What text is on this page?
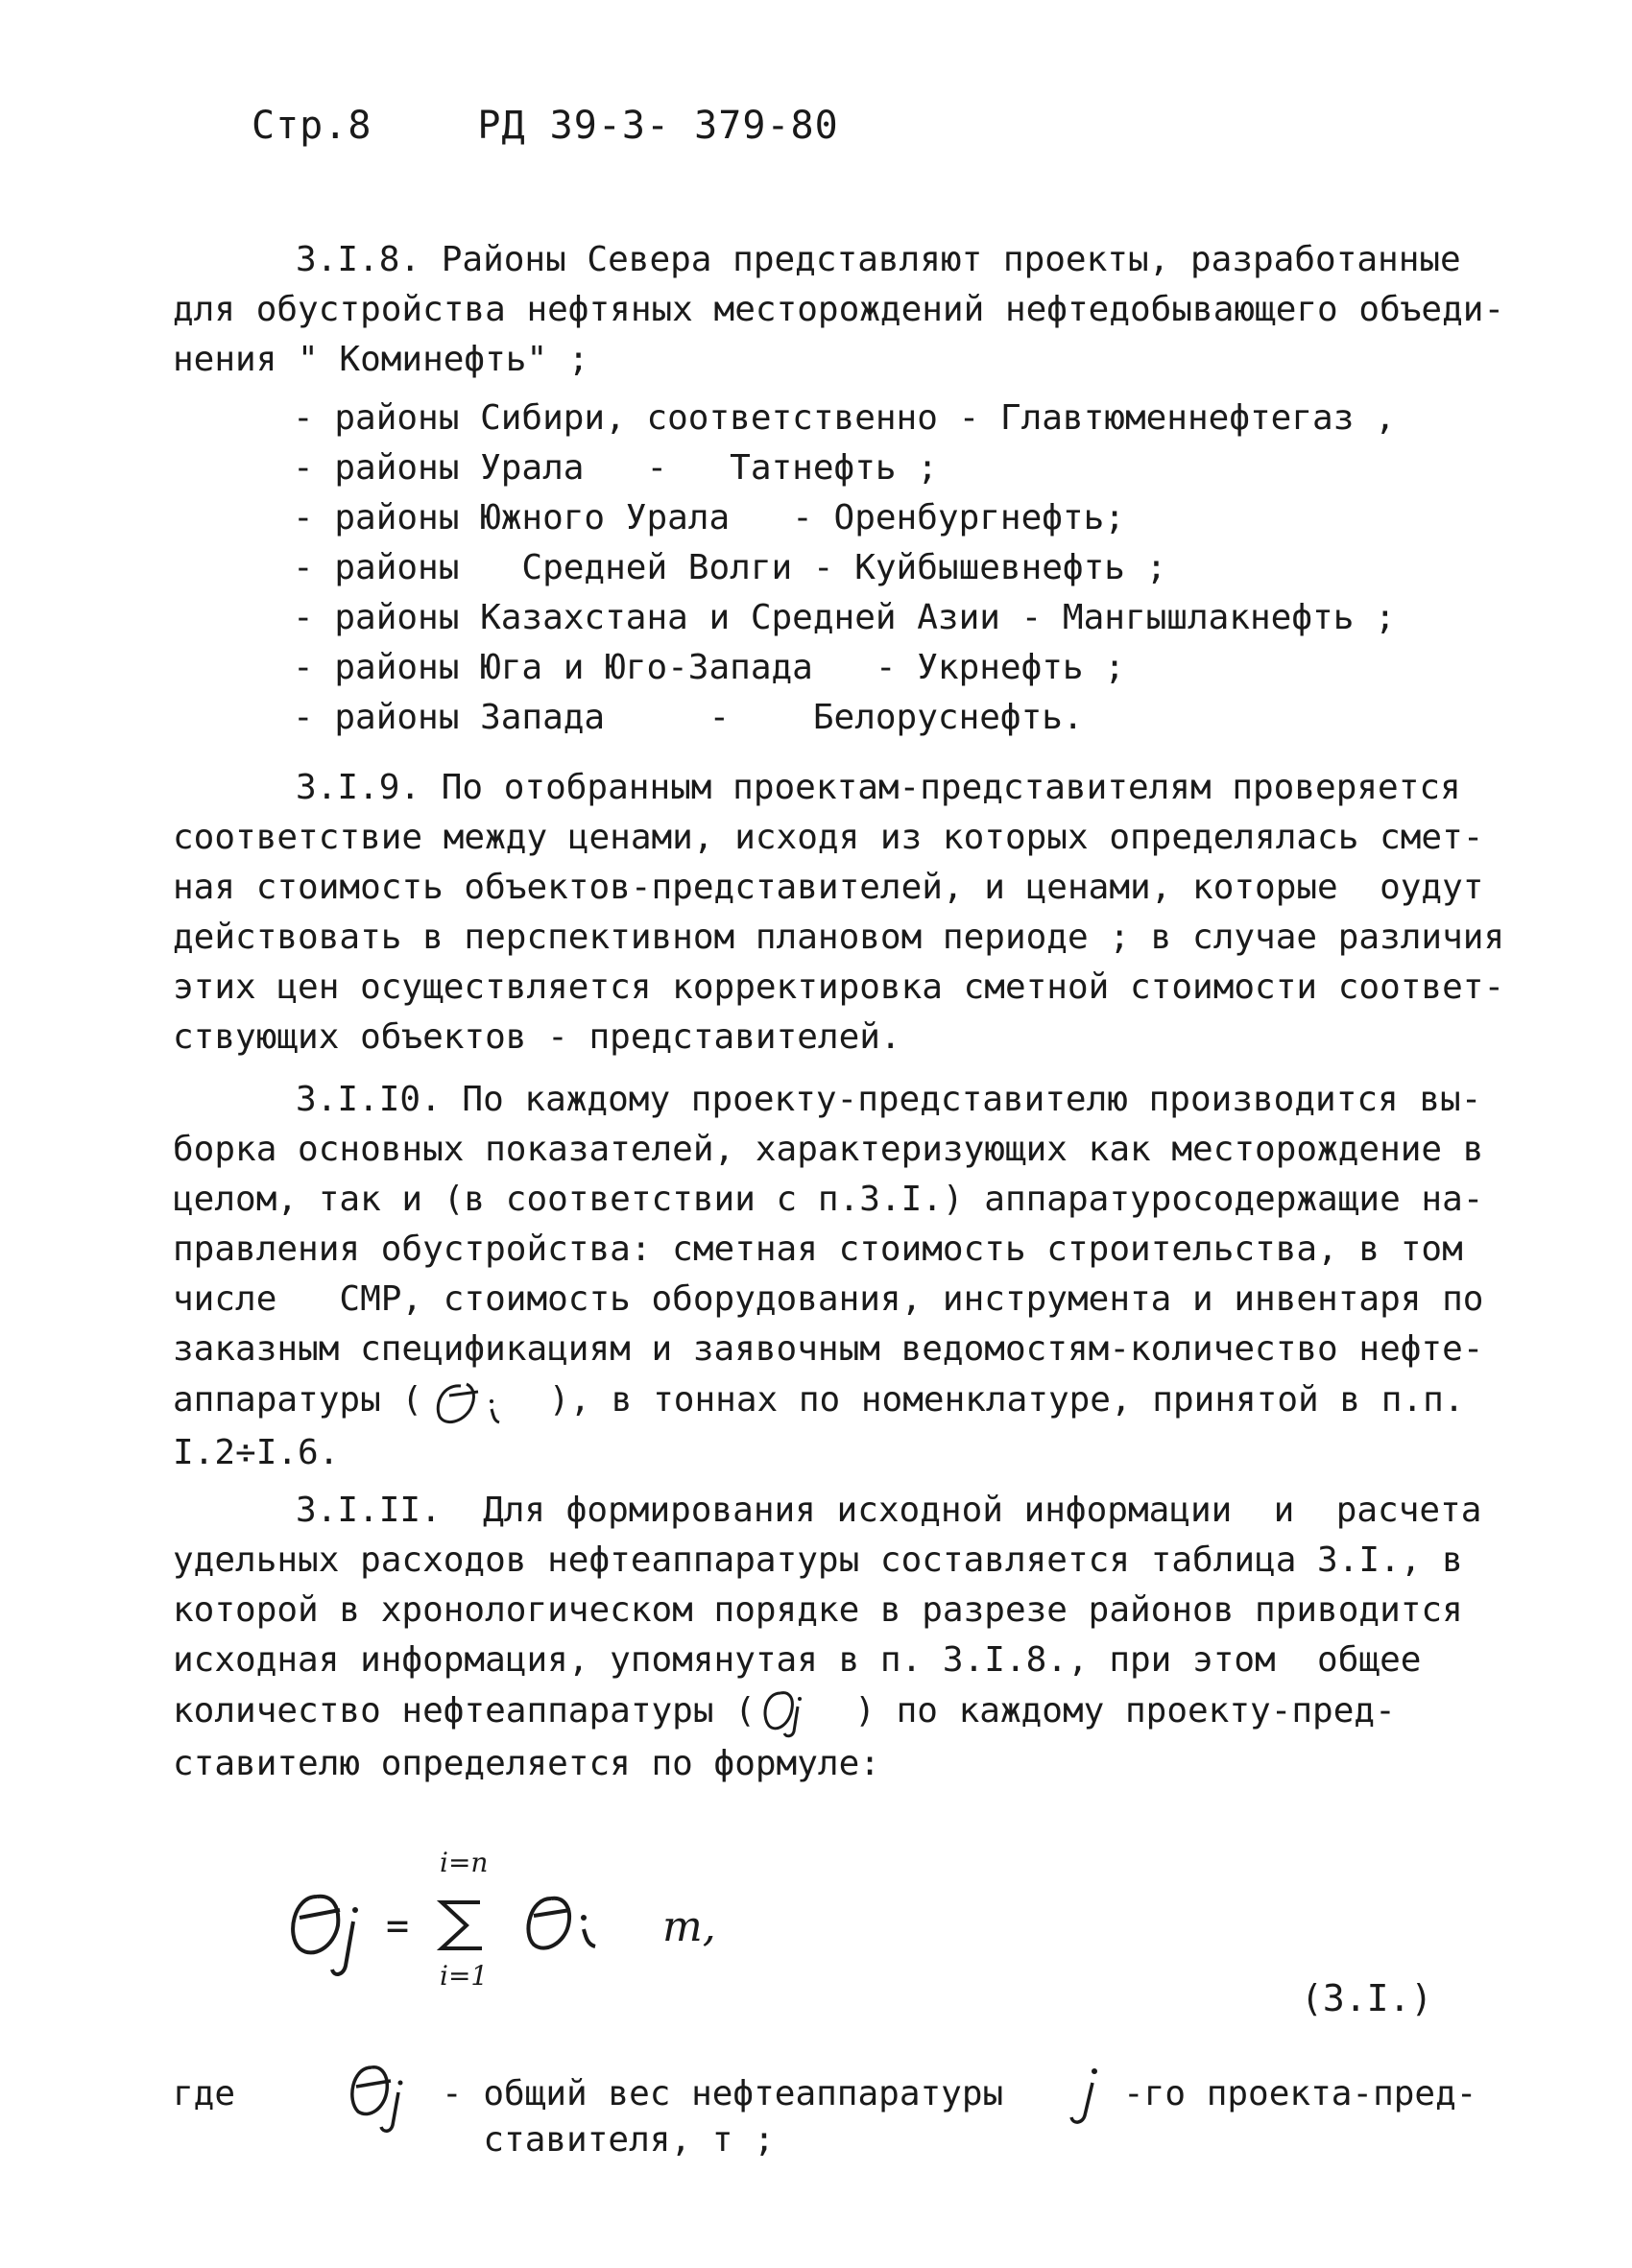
Стр.8	РД 39-3- 379-80
3.I.8. Районы Севера представляют проекты, разработанные
для обустройства нефтяных месторождений нефтедобывающего объеди-
нения " Коминефть" ;
- районы Сибири, соответственно - Главтюменнефтегаз ,
- районы Урала   -   Татнефть ;
- районы Южного Урала   - Оренбургнефть;
- районы   Средней Волги - Куйбышевнефть ;
- районы Казахстана и Средней Азии - Мангышлакнефть ;
- районы Юга и Юго-Запада   - Укрнефть ;
- районы Запада     -    Белоруснефть.
3.I.9. По отобранным проектам-представителям проверяется
соответствие между ценами, исходя из которых определялась смет-
ная стоимость объектов-представителей, и ценами, которые  оудут
действовать в перспективном плановом периоде ; в случае различия
этих цен осуществляется корректировка сметной стоимости соответ-
ствующих объектов - представителей.
3.I.I0. По каждому проекту-представителю производится вы-
борка основных показателей, характеризующих как месторождение в
целом, так и (в соответствии с п.3.I.) аппаратуросодержащие на-
правления обустройства: сметная стоимость строительства, в том
числе   СМР, стоимость оборудования, инструмента и инвентаря по
заказным спецификациям и заявочным ведомостям-количество нефте-
аппаратуры (	), в тоннах по номенклатуре, принятой в п.п.
I.2÷I.6.
3.I.II.  Для формирования исходной информации  и  расчета
удельных расходов нефтеаппаратуры составляется таблица 3.I., в
которой в хронологическом порядке в разрезе районов приводится
исходная информация, упомянутая в п. 3.I.8., при этом  общее
количество нефтеаппаратуры (  ) по каждому проекту-пред-
ставителю определяется по формуле:
=
i=n
i=1
т,
(3.I.)
где	- общий вес нефтеаппаратуры
ставителя, т ;
-го проекта-пред-
